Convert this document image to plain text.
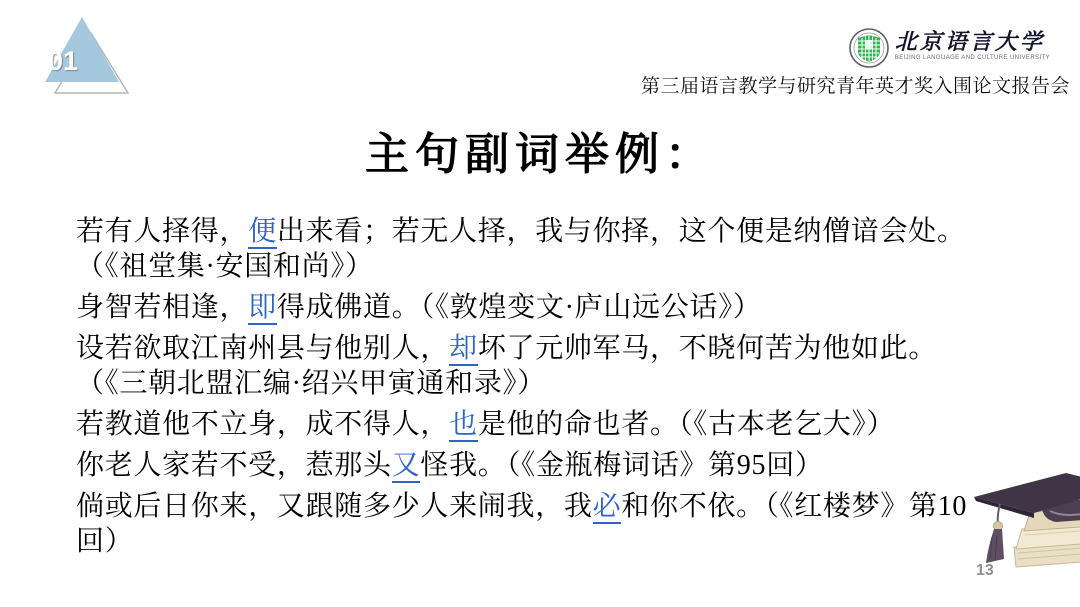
01
北京语言大学
BEIJING LANGUAGE AND CULTURE UNIVERSITY
第三届语言教学与研究青年英才奖入围论文报告会
主句副词举例：
若有人择得，便出来看；若无人择，我与你择，这个便是纳僧谙会处。（《祖堂集·安国和尚》）
身智若相逢，即得成佛道。（《敦煌变文·庐山远公话》）
设若欲取江南州县与他别人，却坏了元帅军马，不晓何苦为他如此。（《三朝北盟汇编·绍兴甲寅通和录》）
若教道他不立身，成不得人，也是他的命也者。（《古本老乞大》）
你老人家若不受，惹那头又怪我。（《金瓶梅词话》第95回）
倘或后日你来，又跟随多少人来闹我，我必和你不依。（《红楼梦》第10回）
13
